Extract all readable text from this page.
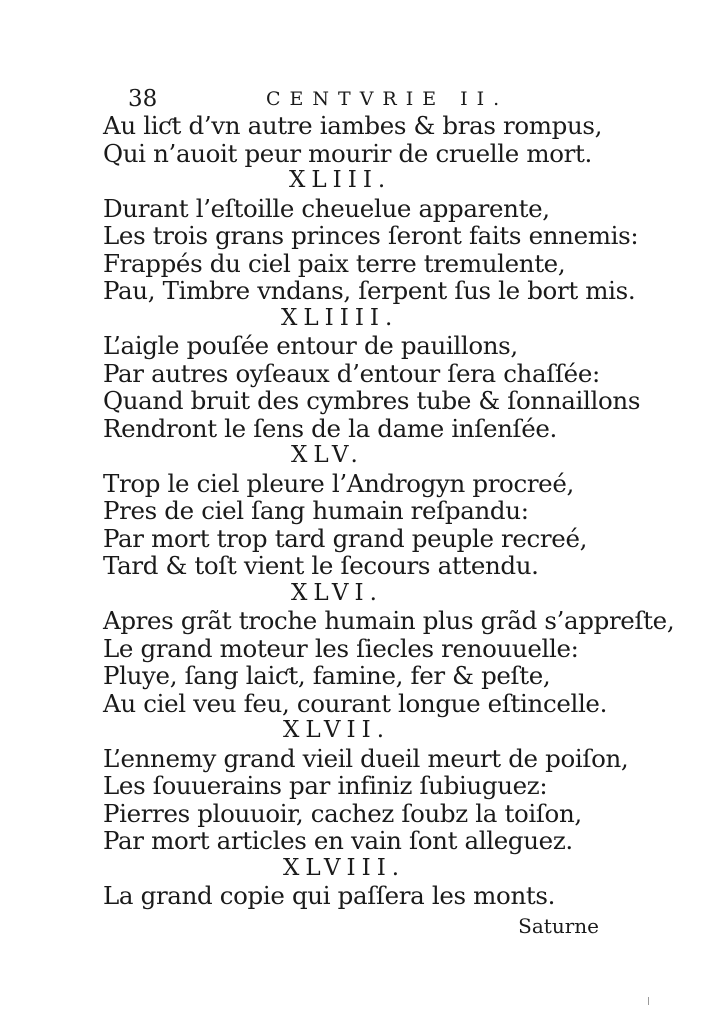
38	CENTVRIE II.
Au liƈt d’vn autre iambes & bras rompus,
Qui n’auoit peur mourir de cruelle mort.
XLIII.
Durant l’eſtoille cheuelue apparente,
Les trois grans princes ſeront faits ennemis:
Frappés du ciel paix terre tremulente,
Pau, Timbre vndans, ſerpent ſus le bort mis.
XLIIII.
L’aigle pouſée entour de pauillons,
Par autres oyſeaux d’entour ſera chaſſée:
Quand bruit des cymbres tube & ſonnaillons
Rendront le ſens de la dame inſenſée.
XLV.
Trop le ciel pleure l’Androgyn procreé,
Pres de ciel ſang humain reſpandu:
Par mort trop tard grand peuple recreé,
Tard & toſt vient le ſecours attendu.
XLVI.
Apres grãt troche humain plus grãd s’appreſte,
Le grand moteur les ſiecles renouuelle:
Pluye, ſang laiƈt, famine, fer & peſte,
Au ciel veu feu, courant longue eſtincelle.
XLVII.
L’ennemy grand vieil dueil meurt de poiſon,
Les ſouuerains par infiniz ſubiuguez:
Pierres plouuoir, cachez ſoubz la toiſon,
Par mort articles en vain ſont alleguez.
XLVIII.
La grand copie qui paſſera les monts.
Saturne
